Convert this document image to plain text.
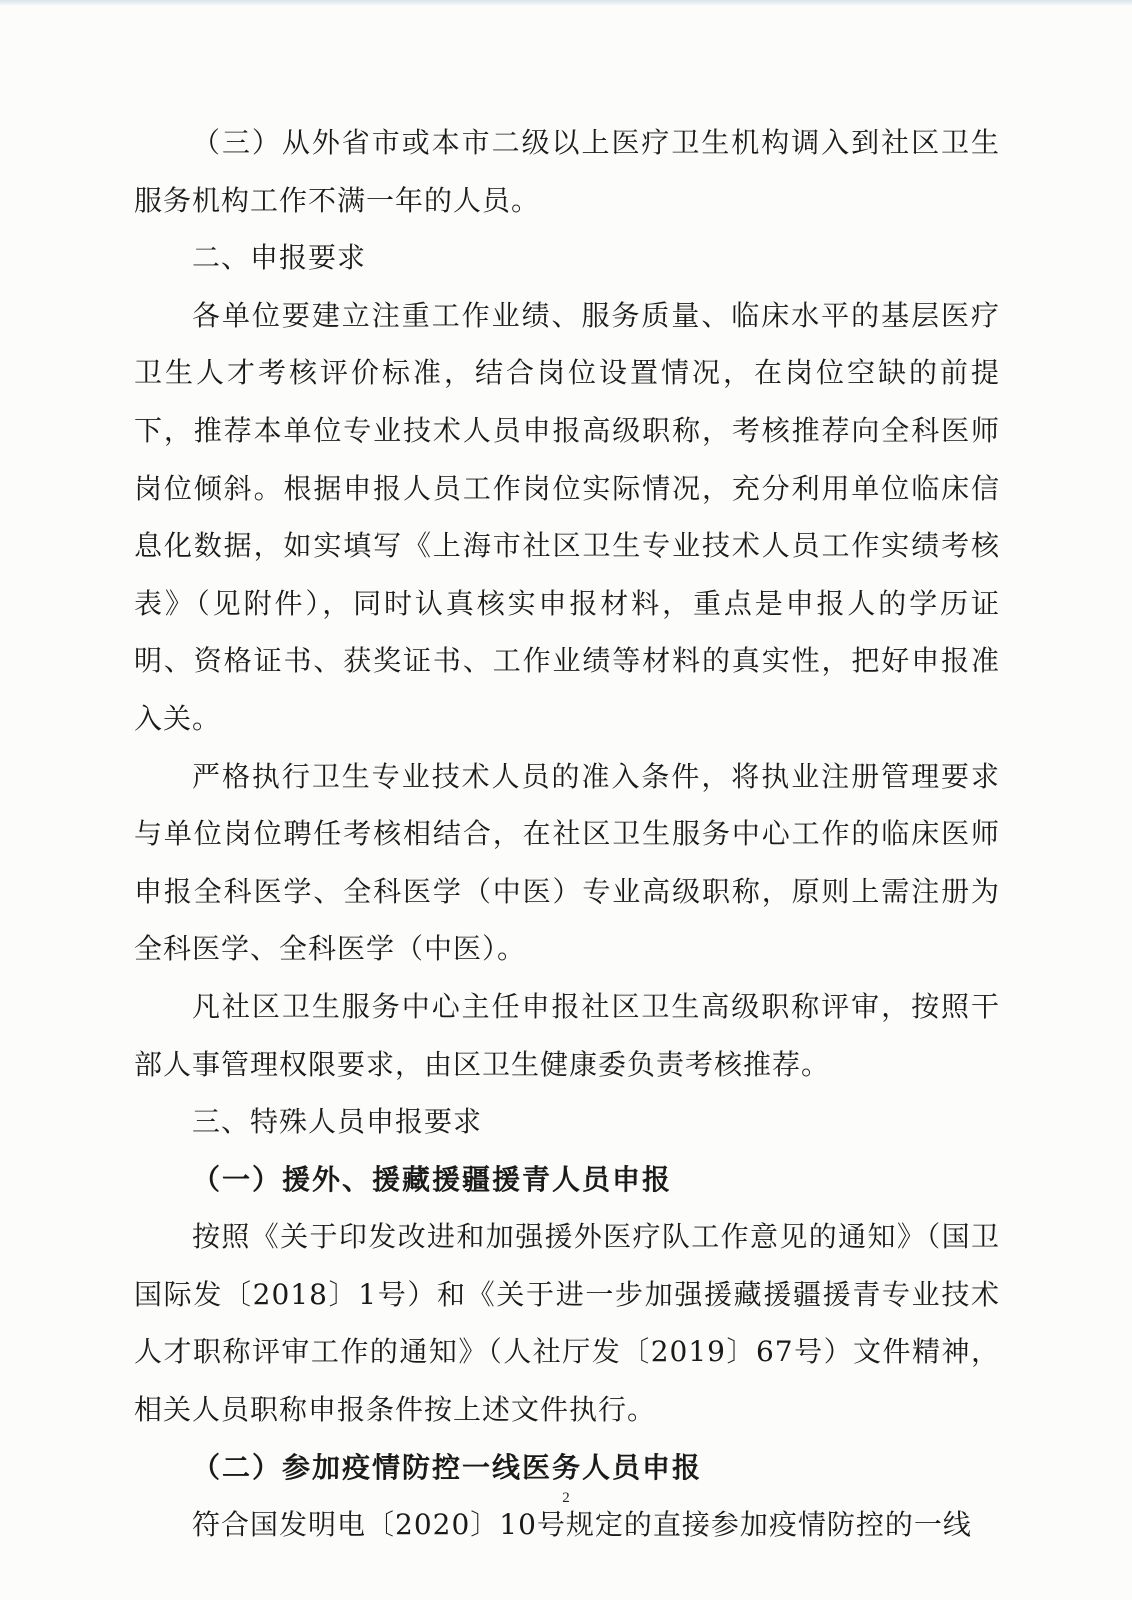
（三）从外省市或本市二级以上医疗卫生机构调入到社区卫生服务机构工作不满一年的人员。

二、申报要求

各单位要建立注重工作业绩、服务质量、临床水平的基层医疗卫生人才考核评价标准，结合岗位设置情况，在岗位空缺的前提下，推荐本单位专业技术人员申报高级职称，考核推荐向全科医师岗位倾斜。根据申报人员工作岗位实际情况，充分利用单位临床信息化数据，如实填写《上海市社区卫生专业技术人员工作实绩考核表》（见附件），同时认真核实申报材料，重点是申报人的学历证明、资格证书、获奖证书、工作业绩等材料的真实性，把好申报准入关。

严格执行卫生专业技术人员的准入条件，将执业注册管理要求与单位岗位聘任考核相结合，在社区卫生服务中心工作的临床医师申报全科医学、全科医学（中医）专业高级职称，原则上需注册为全科医学、全科医学（中医）。

凡社区卫生服务中心主任申报社区卫生高级职称评审，按照干部人事管理权限要求，由区卫生健康委负责考核推荐。

三、特殊人员申报要求

（一）援外、援藏援疆援青人员申报

按照《关于印发改进和加强援外医疗队工作意见的通知》（国卫国际发〔2018〕1号）和《关于进一步加强援藏援疆援青专业技术人才职称评审工作的通知》（人社厅发〔2019〕67号）文件精神，相关人员职称申报条件按上述文件执行。

（二）参加疫情防控一线医务人员申报

符合国发明电〔2020〕10号规定的直接参加疫情防控的一线

2
